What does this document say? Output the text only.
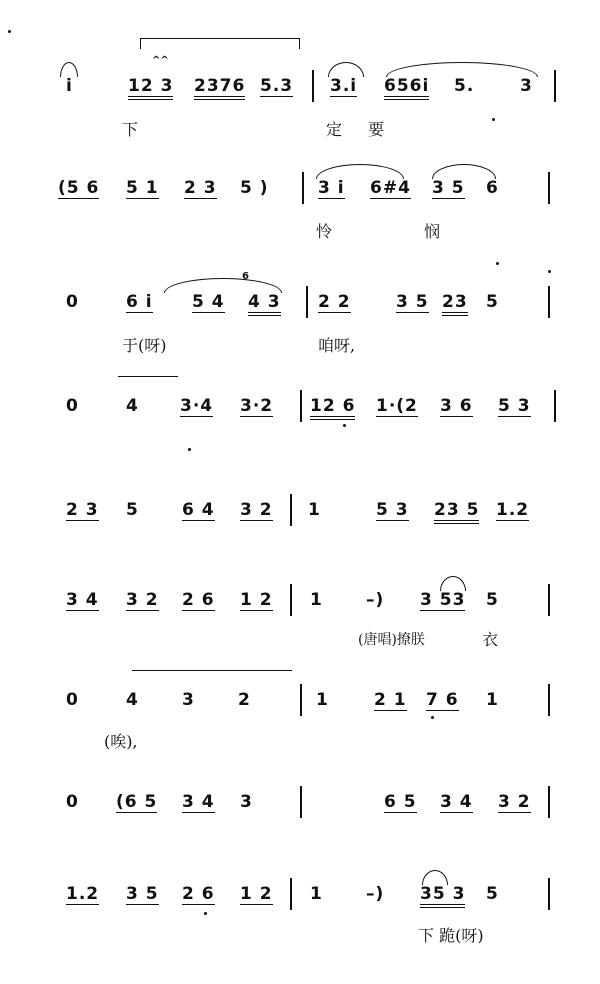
i
^^
12 3 2376 5.3 3.i 656i 5.	3
下	定 要
(5 6 5 1 2 3 5 )	3 i 6#4 3 5 6
怜	悯
0	6 i 5 4
6
4 3 2 2	3 5 23 5
于(呀)	咱呀,
0	4 3·4 3·2 12 6 1·(2 3 6 5 3
2 3 5	6 4 3 2 1	5 3 23 5 1.2
3 4 3 2 2 6 1 2 1	–) 3 53 5
(唐唱)撩朕	衣
0	4	3	2	1	2 1 7 6 1
(唉),
0 (6 5 3 4 3	6 5 3 4 3 2
1.2 3 5 2 6 1 2 1	–) 35 3 5
下 跪(呀)
